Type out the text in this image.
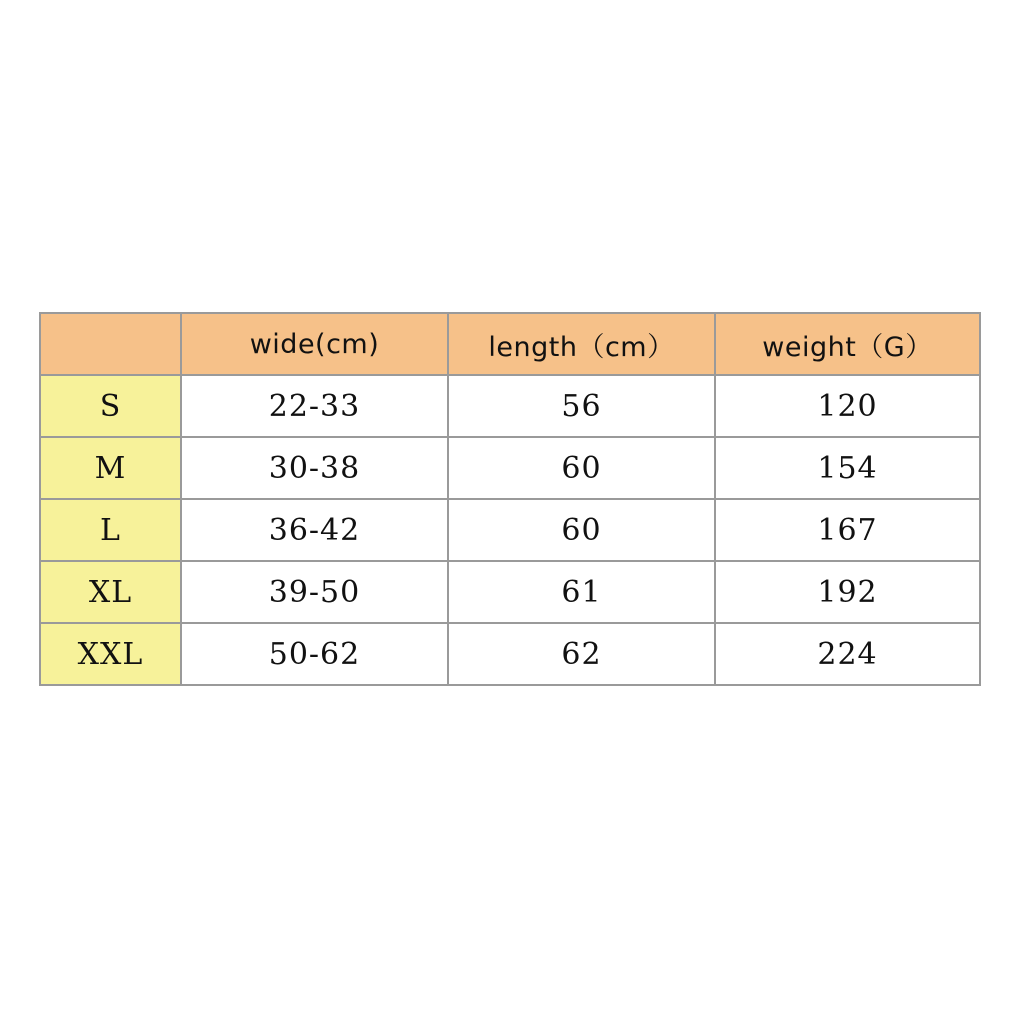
	wide(cm)	length（cm）	weight（G）
S	22-33	56	120
M	30-38	60	154
L	36-42	60	167
XL	39-50	61	192
XXL	50-62	62	224
